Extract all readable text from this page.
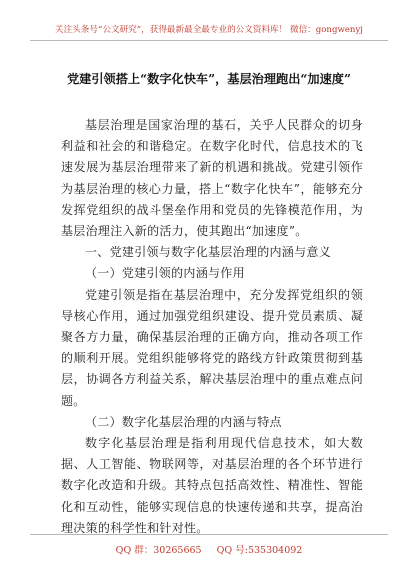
关注头条号“公文研究”，获得最新最全最专业的公文资料库！ 微信：gongwenyj
党建引领搭上“数字化快车”，基层治理跑出“加速度”

基层治理是国家治理的基石，关乎人民群众的切身利益和社会的和谐稳定。在数字化时代，信息技术的飞速发展为基层治理带来了新的机遇和挑战。党建引领作为基层治理的核心力量，搭上“数字化快车”，能够充分发挥党组织的战斗堡垒作用和党员的先锋模范作用，为基层治理注入新的活力，使其跑出“加速度”。

一、党建引领与数字化基层治理的内涵与意义

（一）党建引领的内涵与作用

党建引领是指在基层治理中，充分发挥党组织的领导核心作用，通过加强党组织建设、提升党员素质、凝聚各方力量，确保基层治理的正确方向，推动各项工作的顺利开展。党组织能够将党的路线方针政策贯彻到基层，协调各方利益关系，解决基层治理中的重点难点问题。

（二）数字化基层治理的内涵与特点

数字化基层治理是指利用现代信息技术，如大数据、人工智能、物联网等，对基层治理的各个环节进行数字化改造和升级。其特点包括高效性、精准性、智能化和互动性，能够实现信息的快速传递和共享，提高治理决策的科学性和针对性。

QQ 群：30265665 QQ 号:535304092
